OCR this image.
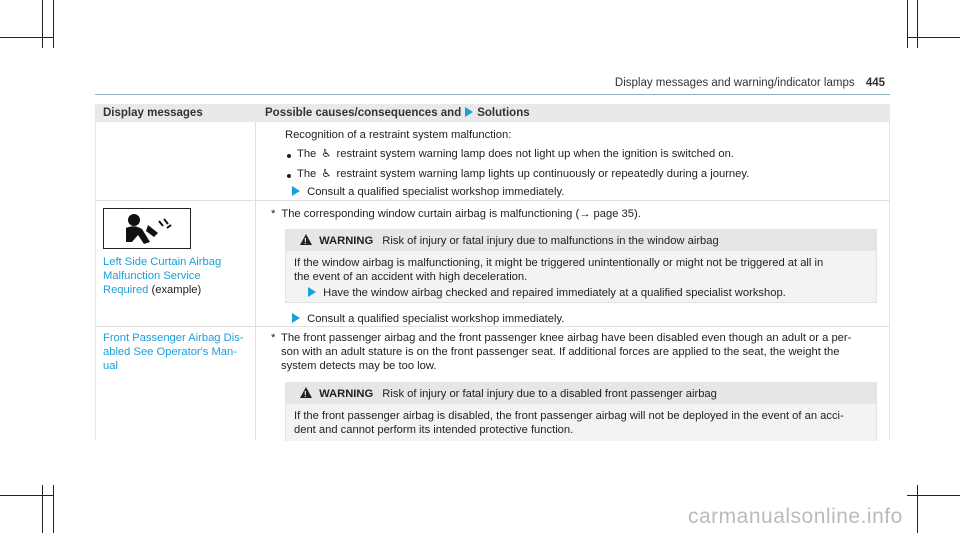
Display messages and warning/indicator lamps 445
Display messages	Possible causes/consequences and Solutions
Recognition of a restraint system malfunction:
The ♿︎ restraint system warning lamp does not light up when the ignition is switched on.
The ♿︎ restraint system warning lamp lights up continuously or repeatedly during a journey.
Consult a qualified specialist workshop immediately.
Left Side Curtain Airbag
Malfunction Service
Required (example)
* The corresponding window curtain airbag is malfunctioning (→ page 35).
! WARNING Risk of injury or fatal injury due to malfunctions in the window airbag
If the window airbag is malfunctioning, it might be triggered unintentionally or might not be triggered at all in
the event of an accident with high deceleration.
Have the window airbag checked and repaired immediately at a qualified specialist workshop.
Consult a qualified specialist workshop immediately.
Front Passenger Airbag Dis-
abled See Operator's Man-
ual
* The front passenger airbag and the front passenger knee airbag have been disabled even though an adult or a per-
son with an adult stature is on the front passenger seat. If additional forces are applied to the seat, the weight the
system detects may be too low.
! WARNING Risk of injury or fatal injury due to a disabled front passenger airbag
If the front passenger airbag is disabled, the front passenger airbag will not be deployed in the event of an acci-
dent and cannot perform its intended protective function.
carmanualsonline.info
